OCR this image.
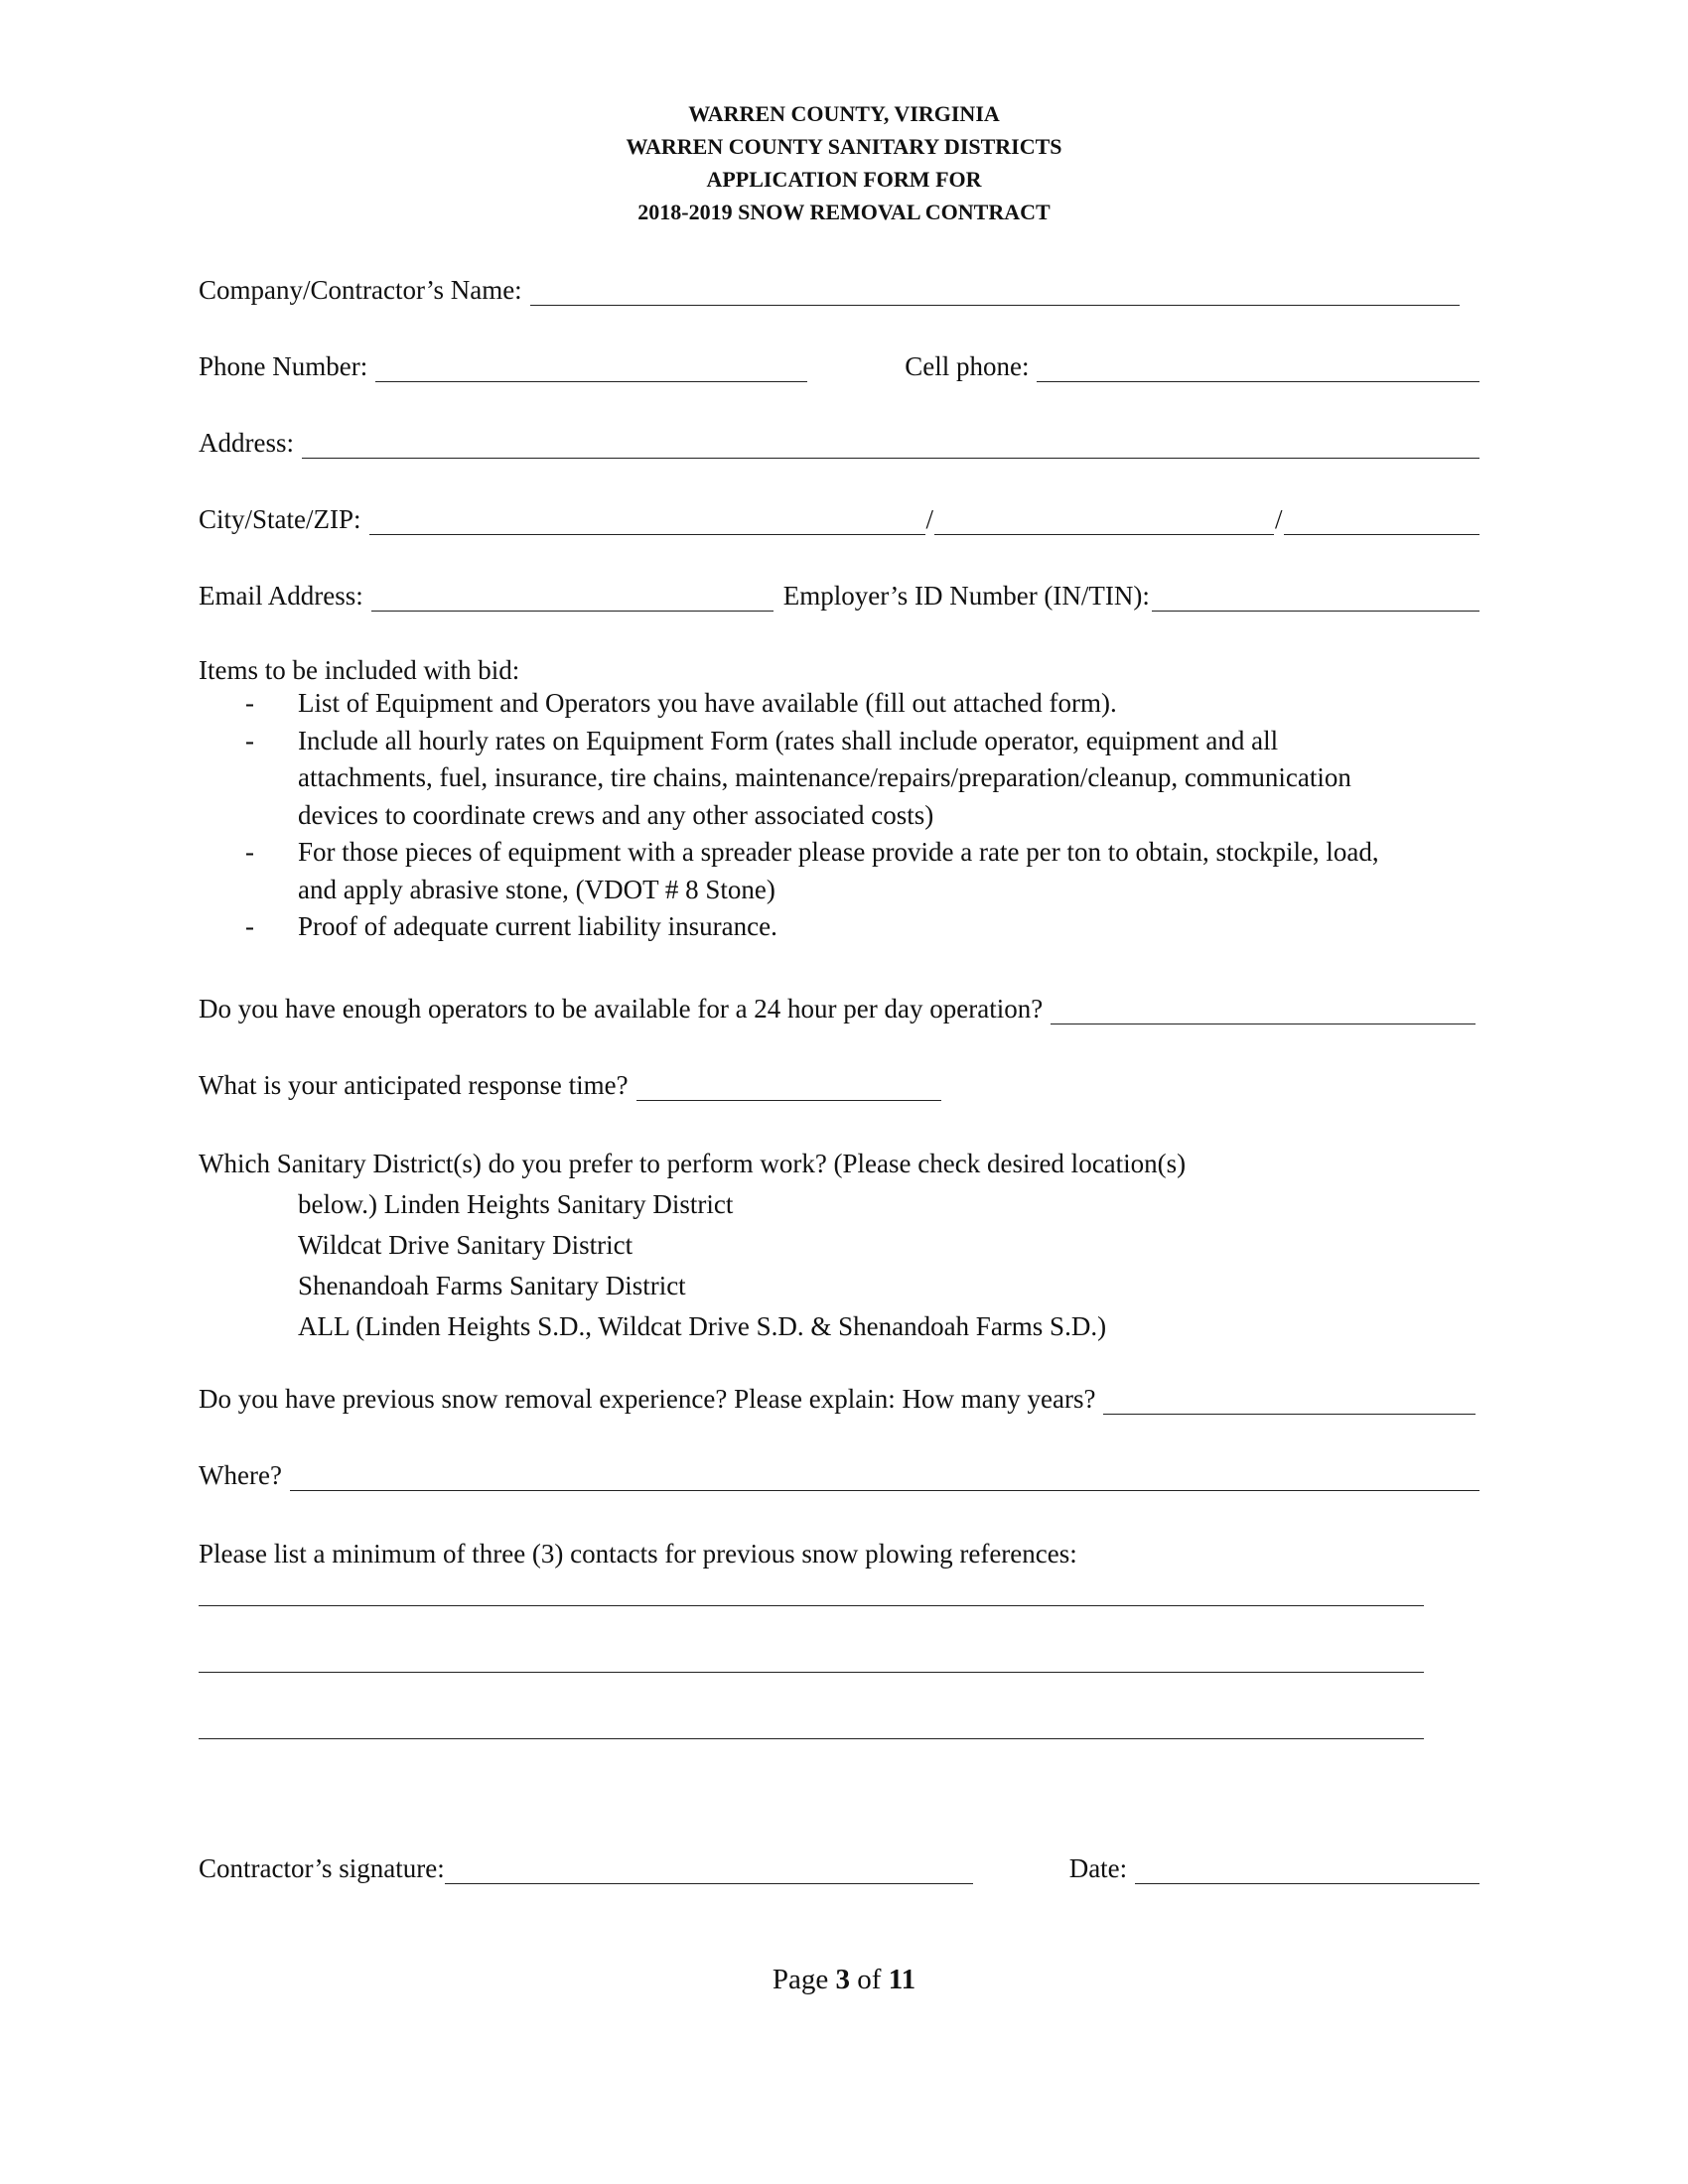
WARREN COUNTY, VIRGINIA
WARREN COUNTY SANITARY DISTRICTS
APPLICATION FORM FOR
2018-2019 SNOW REMOVAL CONTRACT
Company/Contractor’s Name:
Phone Number:	Cell phone:
Address:
City/State/ZIP:	/	/
Email Address:	Employer’s ID Number (IN/TIN):
Items to be included with bid:
- List of Equipment and Operators you have available (fill out attached form).
- Include all hourly rates on Equipment Form (rates shall include operator, equipment and all
attachments, fuel, insurance, tire chains, maintenance/repairs/preparation/cleanup, communication
devices to coordinate crews and any other associated costs)
- For those pieces of equipment with a spreader please provide a rate per ton to obtain, stockpile, load,
and apply abrasive stone, (VDOT # 8 Stone)
- Proof of adequate current liability insurance.
Do you have enough operators to be available for a 24 hour per day operation?
What is your anticipated response time?
Which Sanitary District(s) do you prefer to perform work? (Please check desired location(s)
below.) Linden Heights Sanitary District
Wildcat Drive Sanitary District
Shenandoah Farms Sanitary District
ALL (Linden Heights S.D., Wildcat Drive S.D. & Shenandoah Farms S.D.)
Do you have previous snow removal experience? Please explain: How many years?
Where?
Please list a minimum of three (3) contacts for previous snow plowing references:
Contractor’s signature:	Date:
Page 3 of 11
